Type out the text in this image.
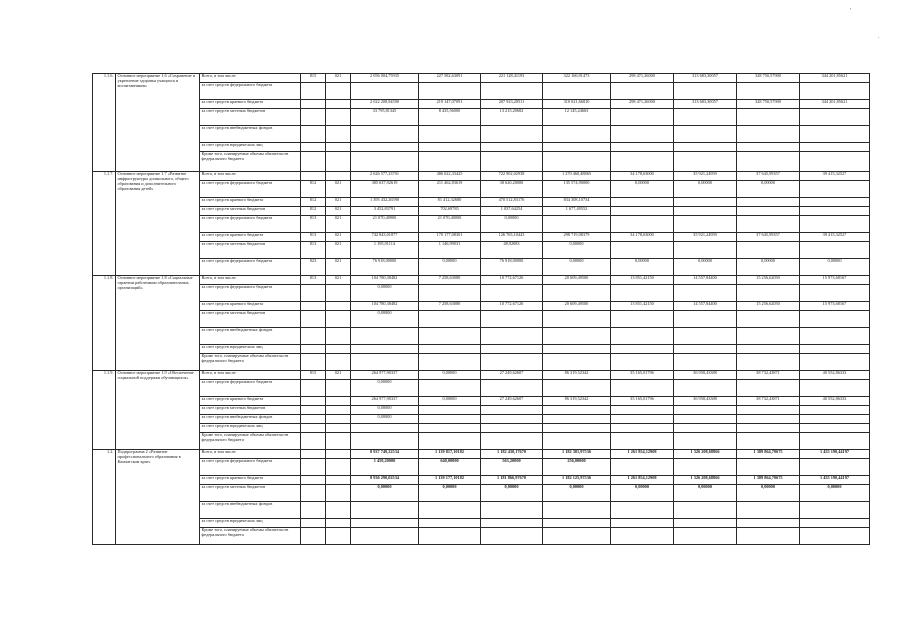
'
.
1.1.6.	Основное мероприятие 1.6 «Сохранение и укрепление здоровья учащихся и воспитанников»	Всего, в том числе:	815	021	2 056 004,75935	227 582,63091	221 128,41193	322 166,91473	298 471,26000	313 683,30057	328 750,57900	344 201,85621
		за счет средств федерального бюджета										
		за счет средств краевого бюджета			2 022 208,94590	219 147,07091	207 923,20511	310 021,66810	298 471,26000	313 683,30057	328 750,57900	344 201,85621
		за счет средств местных бюджетов			33 795,81345	8 435,56000	13 215,20682	12 145,24663				
		за счет средств внебюджетных фондов										
		за счет средств юридических лиц										
		Кроме того, планируемые объемы обязательств федерального бюджета										
1.1.7.	Основное мероприятие 1.7 «Развитие инфраструктуры дошкольного, общего образования и дополнительного образования детей»	Всего, в том числе:			2 626 577,23701	486 022,33425	722 902,02938	1 270 460,48865	34 178,63000	35 921,24959	37 645,99357	39 415,32527
		за счет средств федерального бюджета	812	021	385 637,92619	211 462,83619	38 620,20000	135 574,90000	0,00000	0,00000	0,00000	
		за счет средств краевого бюджета	812	021	1 395 432,26590	81 412,32680	470 512,83176	834 308,10734				
		за счет средств местных бюджетов	812	021	3 452,83791	702,69785	1 037,64254	1 677,49552				
		за счет средств федерального бюджета	813	021	21 070,40900	21 070,40000	0,00000					
		за счет средств краевого бюджета	813	021	742 843,01877	170 177,08301	126 765,10443	298 719,08379	34 178,63000	35 921,24959	37 645,99357	39 415,32527
		за счет средств местных бюджетов	813	021	1 195,91114	1 146,99031	48,92083	0,00000				
		за счет средств федерального бюджета	823	021	76 918,00000	0,00000	76 918,00000	0,00000	0,00000	0,00000	0,00000	0,00000
1.1.8.	Основное мероприятие 1.8 «Социальные гарантии работникам образовательных организаций»	Всего, в том числе:	813	021	104 780,38482	7 258,63080	10 772,67126	20 609,49500	13 851,42150	14 557,84400	15 256,62050	15 973,68167
		за счет средств федерального бюджета			0,00000							
		за счет средств краевого бюджета			104 780,38482	7 258,63080	10 772,67126	20 609,49500	13 851,42150	14 557,84400	15 256,62050	15 973,68167
		за счет средств местных бюджетов			0,00000							
		за счет средств внебюджетных фондов										
		за счет средств юридических лиц										
		Кроме того, планируемые объемы обязательств федерального бюджета										
1.1.9.	Основное мероприятие 1.9 «Обеспечение социальной поддержки обучающихся»	Всего, в том числе:	815	021	264 977,90337	0,00000	27 249,62607	86 319,52342	35 165,01796	36 958,43388	38 732,43871	40 552,86333
		за счет средств федерального бюджета			0,00000							
		за счет средств краевого бюджета			264 977,90337	0,00000	27 249,62607	86 319,52342	35 165,01796	36 958,43388	38 732,43871	40 552,86333
		за счет средств местных бюджетов			0,00000							
		за счет средств внебюджетных фондов			0,00000							
		за счет средств юридических лиц										
		Кроме того, планируемые объемы обязательств федерального бюджета										
1.2.	Подпрограмма 2 «Развитие профессионального образования в Камчатском крае»	Всего, в том числе:			8 937 749,22534	1 139 817,10182	1 182 430,17670	1 182 381,97536	1 261 854,12908	1 326 208,68866	1 389 864,70675	1 455 190,44197
		за счет средств федерального бюджета			1 459,20000	640,00000	563,20000	256,00000				
		за счет средств краевого бюджета			8 936 290,02534	1 139 177,10182	1 181 866,97670	1 182 125,97536	1 261 854,12908	1 326 208,68866	1 389 864,70675	1 455 190,44197
		за счет средств местных бюджетов			0,00000	0,00000	0,00000	0,00000	0,00000	0,00000	0,00000	0,00000
		за счет средств внебюджетных фондов										
		за счет средств юридических лиц										
		Кроме того, планируемые объемы обязательств федерального бюджета										
